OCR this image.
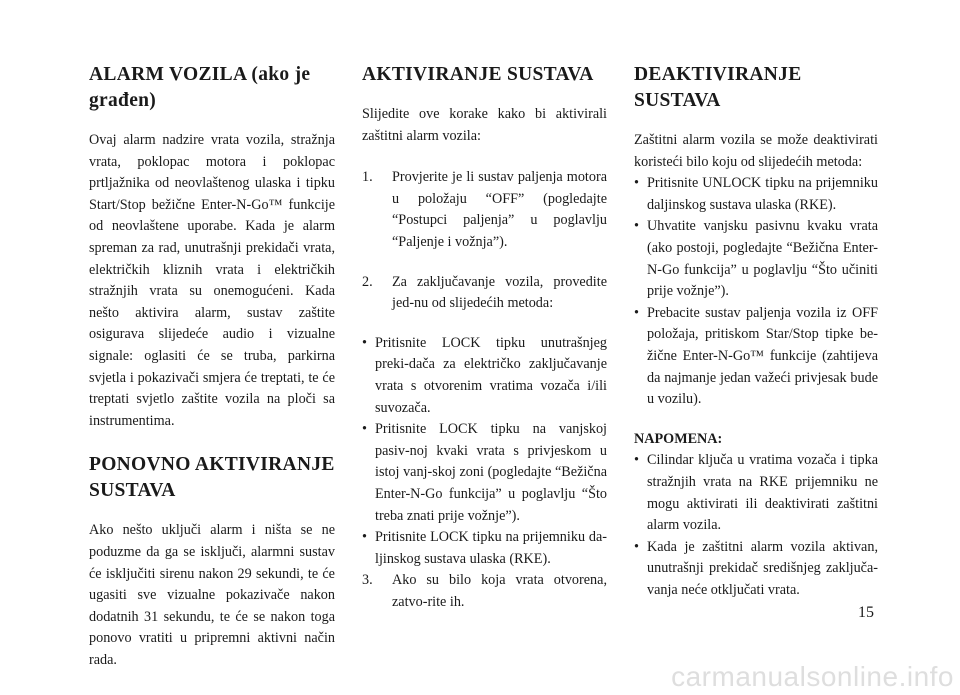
ALARM VOZILA (ako je građen)

Ovaj alarm nadzire vrata vozila, stražnja vrata, poklopac motora i poklopac prtljažnika od neovlaštenog ulaska i tipku Start/Stop bežične Enter-N-Go™ funkcije od neovlaštene uporabe. Kada je alarm spreman za rad, unutrašnji prekidači vrata, električkih kliznih vrata i električkih stražnjih vrata su onemogućeni. Kada nešto aktivira alarm, sustav zaštite osigurava slijedeće audio i vizualne signale: oglasiti će se truba, parkirna svjetla i pokazivači smjera će treptati, te će treptati svjetlo zaštite vozila na ploči sa instrumentima.

PONOVNO AKTIVIRANJE SUSTAVA

Ako nešto uključi alarm i ništa se ne poduzme da ga se isključi, alarmni sustav će isključiti sirenu nakon 29 sekundi, te će ugasiti sve vizualne pokazivače nakon dodatnih 31 sekundu, te će se nakon toga ponovo vratiti u pripremni aktivni način rada.

AKTIVIRANJE SUSTAVA

Slijedite ove korake kako bi aktivirali zaštitni alarm vozila:

1.	Provjerite je li sustav paljenja motora u položaju “OFF” (pogledajte “Postupci paljenja” u poglavlju “Paljenje i vožnja”).
2.	Za zaključavanje vozila, provedite jed-nu od slijedećih metoda:
• Pritisnite LOCK tipku unutrašnjeg preki-dača za električko zaključavanje vrata s otvorenim vratima vozača i/ili suvozača.
• Pritisnite LOCK tipku na vanjskoj pasiv-noj kvaki vrata s privjeskom u istoj vanj-skoj zoni (pogledajte “Bežična Enter-N-Go funkcija” u poglavlju “Što treba znati prije vožnje”).
• Pritisnite LOCK tipku na prijemniku da-ljinskog sustava ulaska (RKE).
3.	Ako su bilo koja vrata otvorena, zatvo-rite ih.
DEAKTIVIRANJE SUSTAVA

Zaštitni alarm vozila se može deaktivirati koristeći bilo koju od slijedećih metoda:

• Pritisnite UNLOCK tipku na prijemniku daljinskog sustava ulaska (RKE).
• Uhvatite vanjsku pasivnu kvaku vrata (ako postoji, pogledajte “Bežična Enter-N-Go funkcija” u poglavlju “Što učiniti prije vožnje”).
• Prebacite sustav paljenja vozila iz OFF položaja, pritiskom Star/Stop tipke be-žične Enter-N-Go™ funkcije (zahtijeva da najmanje jedan važeći privjesak bude u vozilu).
NAPOMENA:
• Cilindar ključa u vratima vozača i tipka stražnjih vrata na RKE prijemniku ne mogu aktivirati ili deaktivirati zaštitni alarm vozila.
• Kada je zaštitni alarm vozila aktivan, unutrašnji prekidač središnjeg zaključa-vanja neće otključati vrata.
15
carmanualsonline.info
